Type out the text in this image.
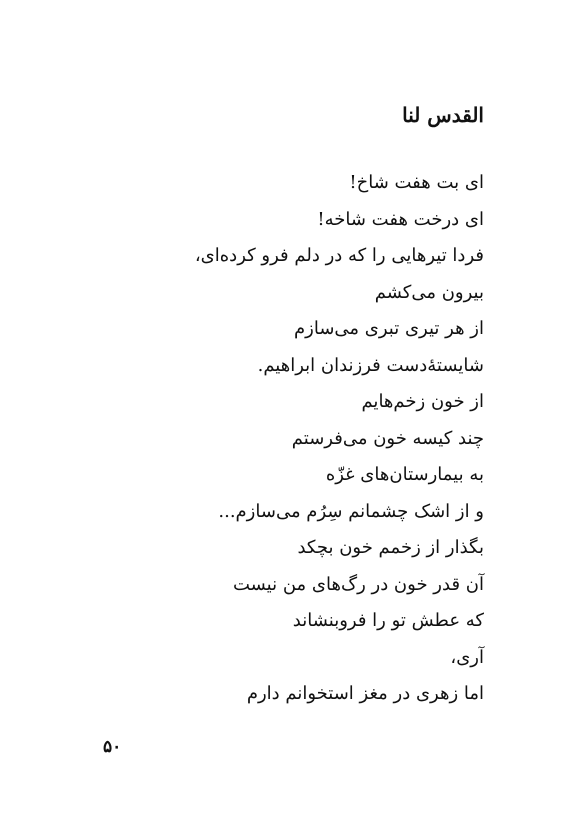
القدس لنا
ای بت هفت شاخ!
ای درخت هفت شاخه!
فردا تیرهایی را که در دلم فرو کرده‌ای،
بیرون می‌کشم
از هر تیری تبری می‌سازم
شایستهٔ‌دست فرزندان ابراهیم.
از خون زخم‌هایم
چند کیسه خون می‌فرستم
به بیمارستان‌های غزّه
و از اشک چشمانم سِرُم می‌سازم...
بگذار از زخمم خون بچکد
آن قدر خون در رگ‌های من نیست
که عطش تو را فروبنشاند
آری،
اما زهری در مغز استخوانم دارم
۵۰
